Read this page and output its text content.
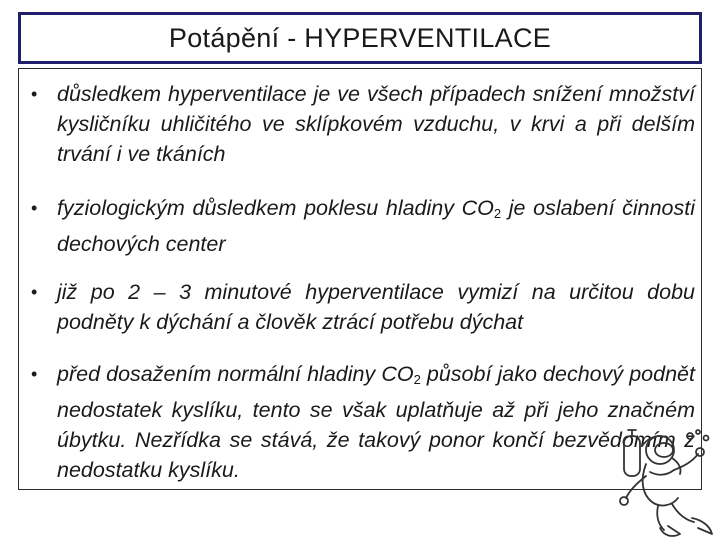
Potápění - HYPERVENTILACE
• důsledkem hyperventilace je ve všech případech snížení množství kysličníku uhličitého ve sklípkovém vzduchu, v krvi a při delším trvání i ve tkáních
• fyziologickým důsledkem poklesu hladiny $CO_2$ je oslabení činnosti dechových center
• již po 2 – 3 minutové hyperventilace vymizí na určitou dobu podněty k dýchání a člověk ztrácí potřebu dýchat
• před dosažením normální hladiny $CO_2$ působí jako dechový podnět nedostatek kyslíku, tento se však uplatňuje až při jeho značném úbytku. Nezřídka se stává, že takový ponor končí bezvědomím z nedostatku kyslíku.
